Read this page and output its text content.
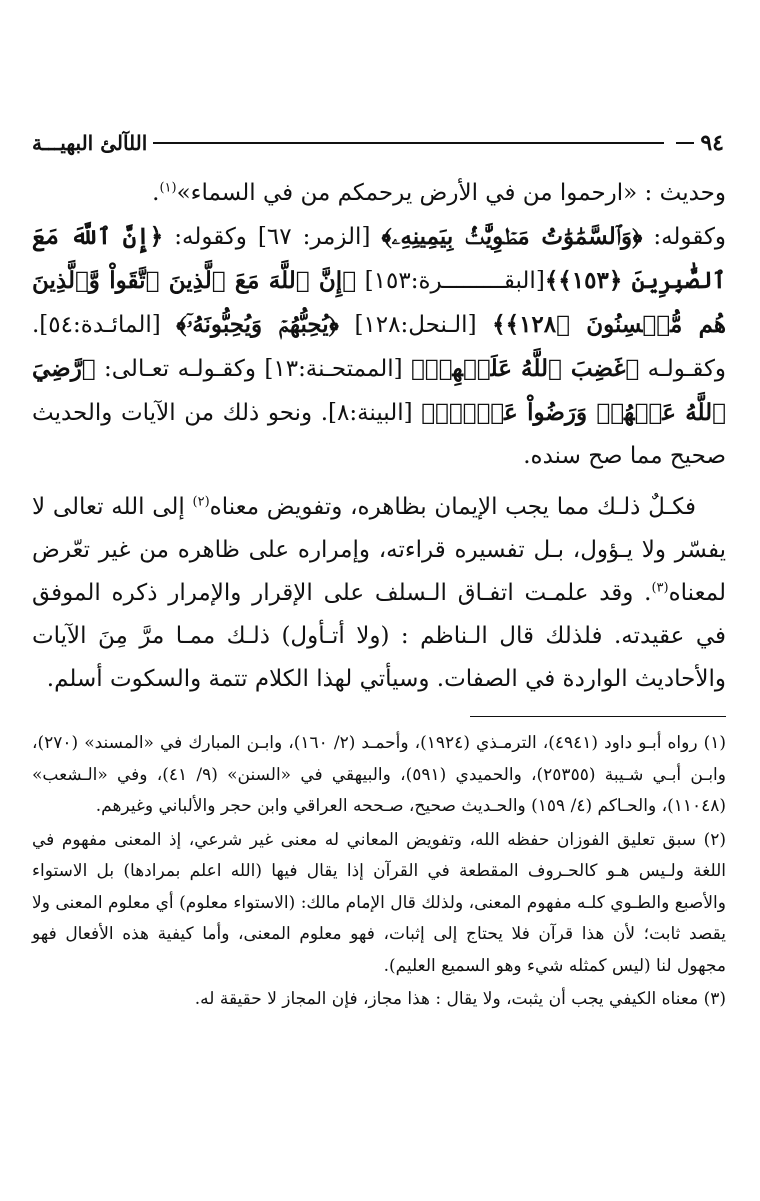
٩٤
اللآلئ البهيـــة

وحديث : «ارحموا من في الأرض يرحمكم من في السماء»$^{(١)}$.

وكقوله: ﴿وَٱلسَّمَٰوَٰتُ مَطۡوِيَّٰتُۢ بِيَمِينِهِۦ﴾ [الزمر: ٦٧] وكقوله: ﴿إِنَّ ٱللَّهَ مَعَ ٱلصَّٰبِرِينَ ﴿١٥٣﴾﴾[البقـــــــــرة:١٥٣] ﴿إِنَّ ٱللَّهَ مَعَ ٱلَّذِينَ ٱتَّقَواْ وَّٱلَّذِينَ هُم مُّحۡسِنُونَ ﴿١٢٨﴾﴾ [الـنحل:١٢٨] ﴿يُحِبُّهُمۡ وَيُحِبُّونَهُۥٓ﴾ [المائـدة:٥٤]. وكقـولـه ﴿غَضِبَ ٱللَّهُ عَلَيۡهِمۡ﴾ [الممتحـنة:١٣] وكقـولـه تعـالى: ﴿رَّضِيَ ٱللَّهُ عَنۡهُمۡ وَرَضُواْ عَنۡهُۚ﴾ [البينة:٨]. ونحو ذلك من الآيات والحديث صحيح مما صح سنده.

فكـلٌ ذلـك مما يجب الإيمان بظاهره، وتفويض معناه$^{(٢)}$ إلى الله تعالى لا يفسّر ولا يـؤول، بـل تفسيره قراءته، وإمراره على ظاهره من غير تعّرض لمعناه$^{(٣)}$. وقد علمـت اتفـاق الـسلف على الإقرار والإمرار ذكره الموفق في عقيدته. فلذلك قال الـناظم : (ولا أتـأول) ذلـك ممـا مرَّ مِنَ الآيات والأحاديث الواردة في الصفات. وسيأتي لهذا الكلام تتمة والسكوت أسلم.

(١) رواه أبـو داود (٤٩٤١)، الترمـذي (١٩٢٤)، وأحمـد (٢/ ١٦٠)، وابـن المبارك في «المسند» (٢٧٠)، وابـن أبـي شـيبة (٢٥٣٥٥)، والحميدي (٥٩١)، والبيهقي في «السنن» (٩/ ٤١)، وفي «الـشعب» (١١٠٤٨)، والحـاكم (٤/ ١٥٩) والحـديث صحيح، صـححه العراقي وابن حجر والألباني وغيرهم.

(٢) سبق تعليق الفوزان حفظه الله، وتفويض المعاني له معنى غير شرعي، إذ المعنى مفهوم في اللغة ولـيس هـو كالحـروف المقطعة في القرآن إذا يقال فيها (الله اعلم بمرادها) بل الاستواء والأصبع والطـوي كلـه مفهوم المعنى، ولذلك قال الإمام مالك: (الاستواء معلوم) أي معلوم المعنى ولا يقصد ثابت؛ لأن هذا قرآن فلا يحتاج إلى إثبات، فهو معلوم المعنى، وأما كيفية هذه الأفعال فهو مجهول لنا (ليس كمثله شيء وهو السميع العليم).

(٣) معناه الكيفي يجب أن يثبت، ولا يقال : هذا مجاز، فإن المجاز لا حقيقة له.
